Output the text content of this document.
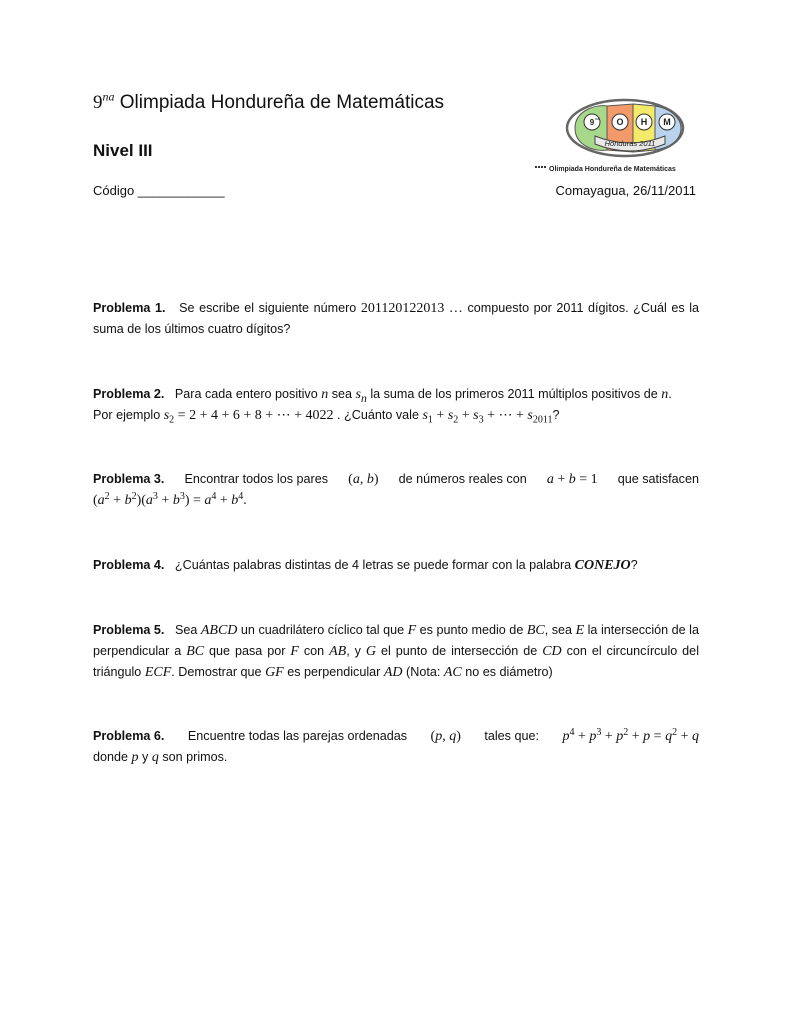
$9^{na}$ Olimpiada Hondureña de Matemáticas
Nivel III
Código ____________	Comayagua, 26/11/2011
9 na O H M
Honduras 2011
Olimpiada Hondureña de Matemáticas
Problema 1. Se escribe el siguiente número 201120122013 … compuesto por 2011 dígitos. ¿Cuál es la suma de los últimos cuatro dígitos?
Problema 2. Para cada entero positivo n sea $s_n$ la suma de los primeros 2011 múltiplos positivos de n.
Por ejemplo $s_2 = 2 + 4 + 6 + 8$ + ⋯ + 4022 . ¿Cuánto vale $s_1 + s_2 + s_3$ + ⋯ + $s_{2011}$?
Problema 3. Encontrar todos los pares (a, b) de números reales con a + b = 1 que satisfacen
$(a^2 + b^2)(a^3 + b^3) = a^4 + b^4$.
Problema 4. ¿Cuántas palabras distintas de 4 letras se puede formar con la palabra CONEJO?
Problema 5. Sea ABCD un cuadrilátero cíclico tal que F es punto medio de BC, sea E la intersección de la perpendicular a BC que pasa por F con AB, y G el punto de intersección de CD con el circuncírculo del triángulo ECF. Demostrar que GF es perpendicular AD (Nota: AC no es diámetro)
Problema 6. Encuentre todas las parejas ordenadas (p, q) tales que: $p^4 + p^3 + p^2 + p = q^2 + q$
donde p y q son primos.
